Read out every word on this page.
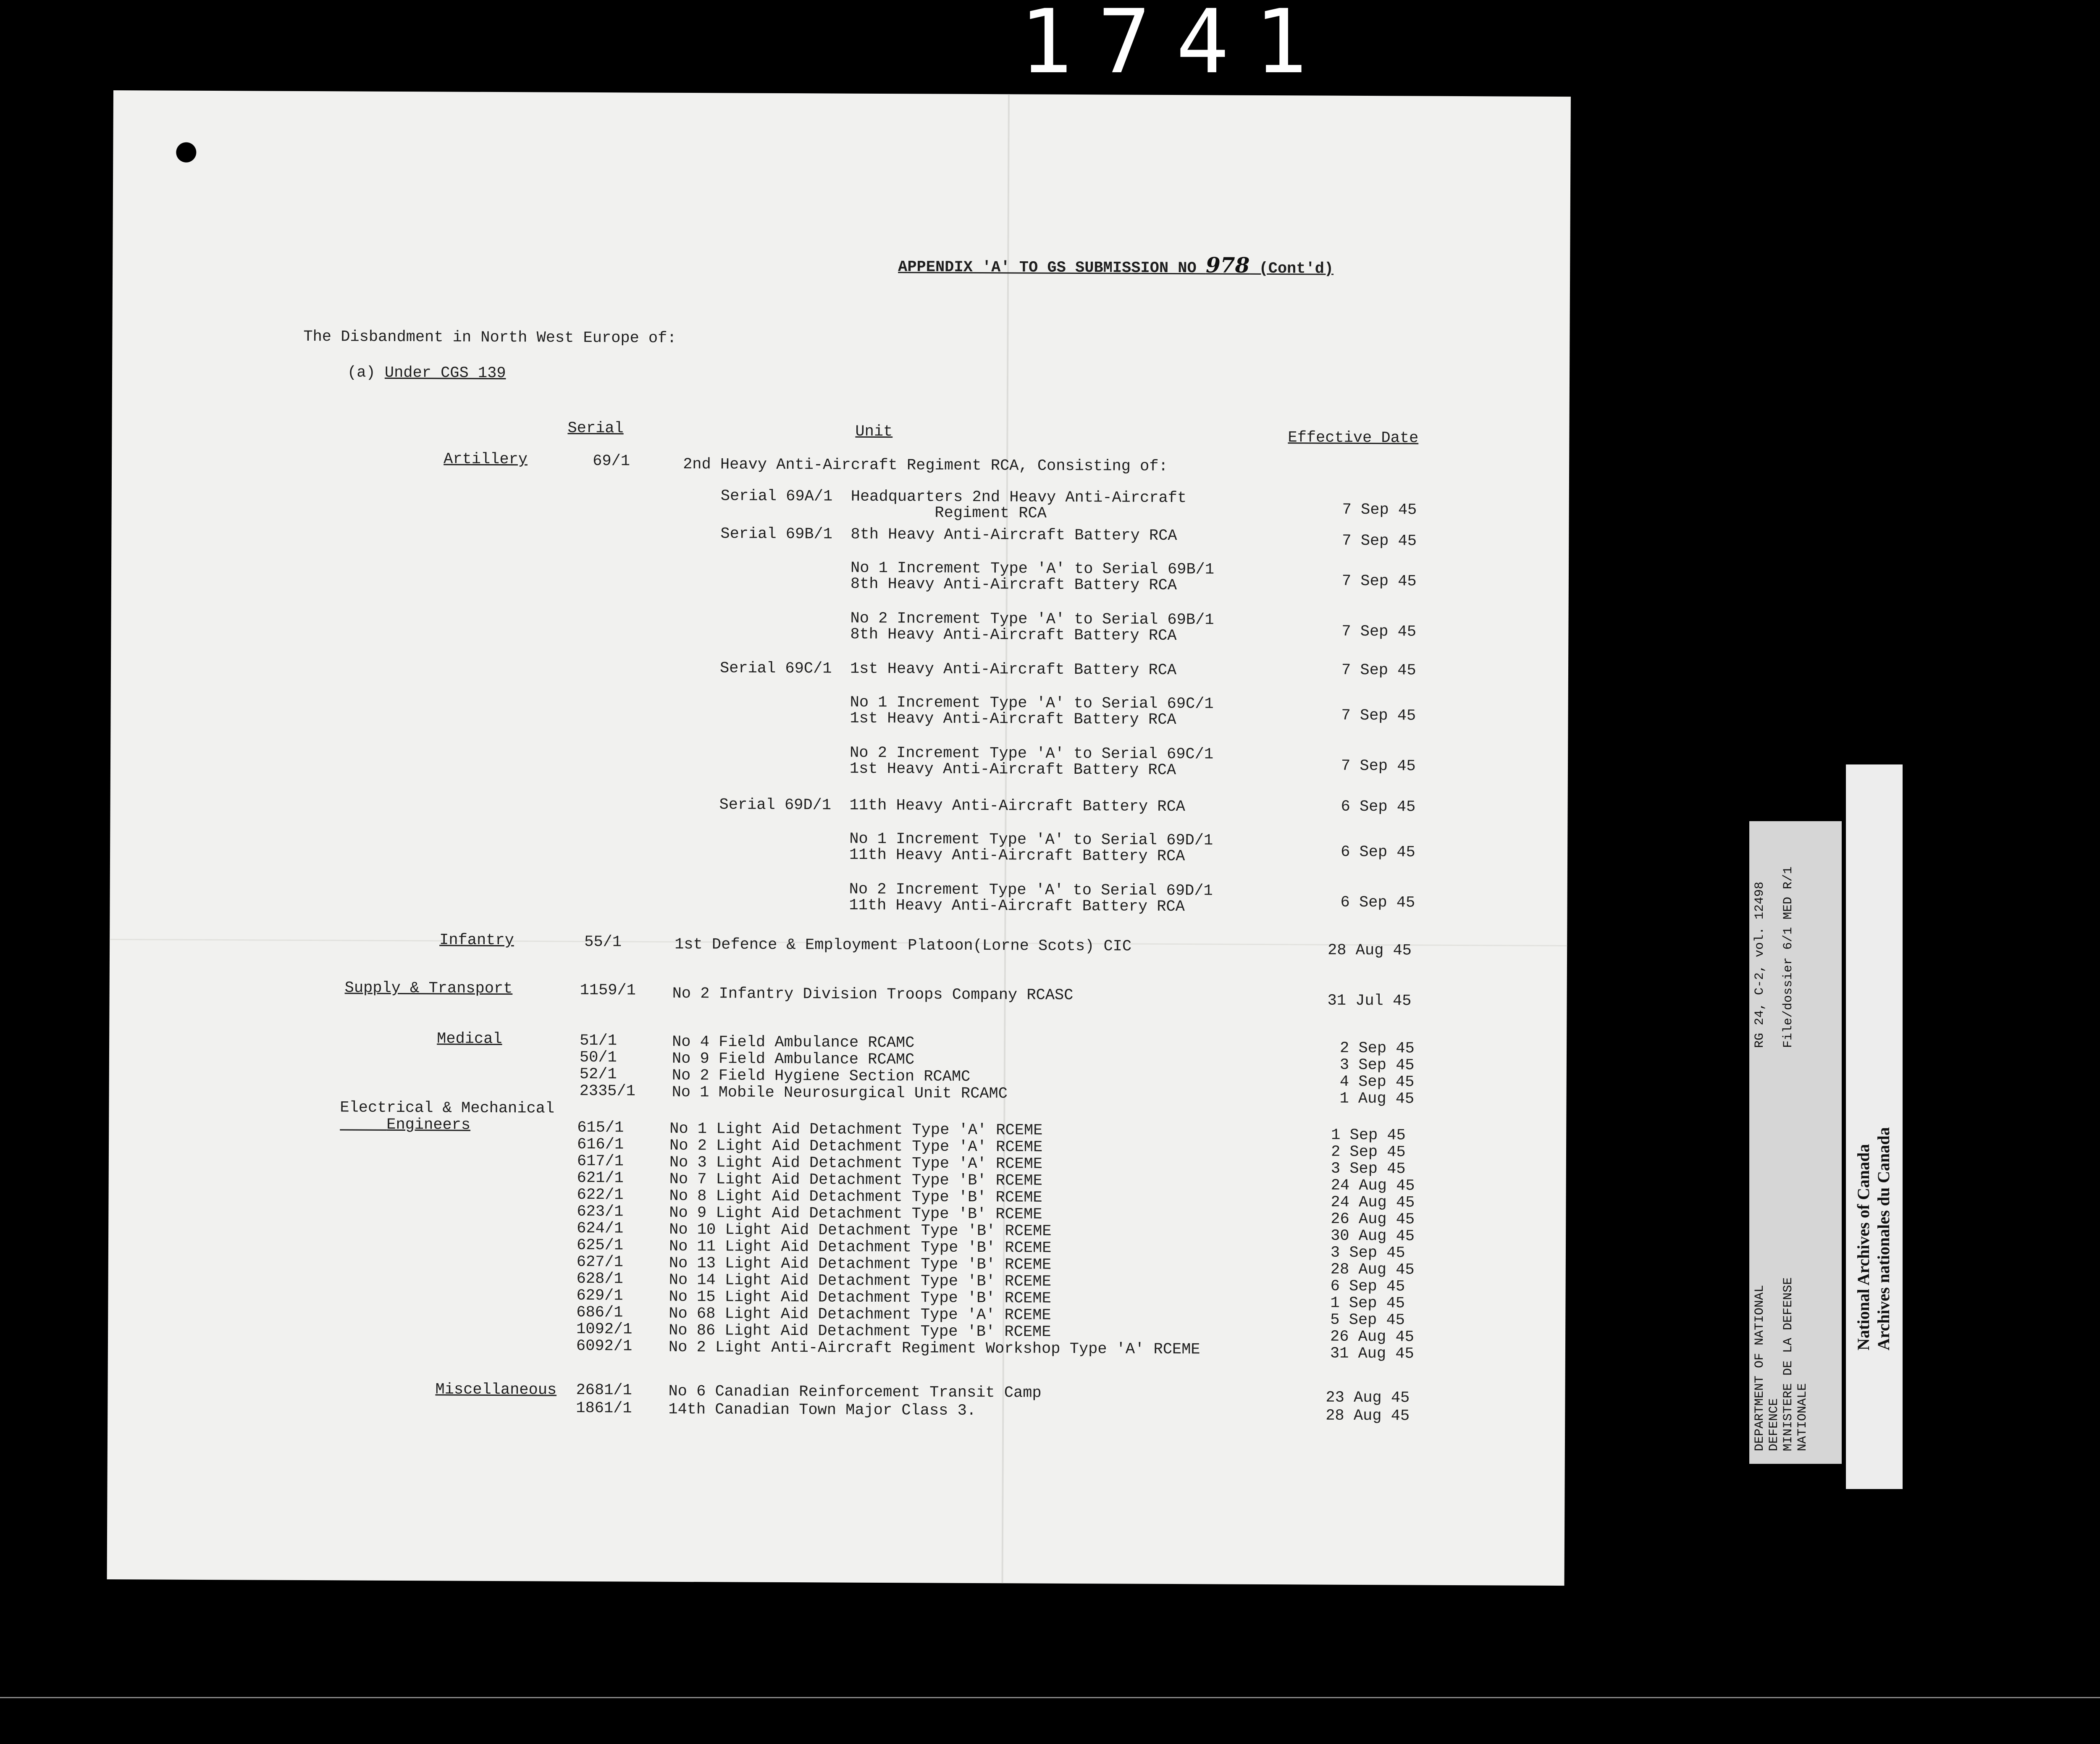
1741
APPENDIX 'A' TO GS SUBMISSION NO 978 (Cont'd)
The Disbandment in North West Europe of:
(a) Under CGS 139
Serial	Unit	Effective Date
Artillery	69/1	2nd Heavy Anti-Aircraft Regiment RCA, Consisting of:
Serial 69A/1 Headquarters 2nd Heavy Anti-Aircraft
Regiment RCA	7 Sep 45
Serial 69B/1 8th Heavy Anti-Aircraft Battery RCA	7 Sep 45
No 1 Increment Type 'A' to Serial 69B/1
8th Heavy Anti-Aircraft Battery RCA	7 Sep 45
No 2 Increment Type 'A' to Serial 69B/1
8th Heavy Anti-Aircraft Battery RCA	7 Sep 45
Serial 69C/1 1st Heavy Anti-Aircraft Battery RCA	7 Sep 45
No 1 Increment Type 'A' to Serial 69C/1
1st Heavy Anti-Aircraft Battery RCA	7 Sep 45
No 2 Increment Type 'A' to Serial 69C/1
1st Heavy Anti-Aircraft Battery RCA	7 Sep 45
Serial 69D/1 11th Heavy Anti-Aircraft Battery RCA	6 Sep 45
No 1 Increment Type 'A' to Serial 69D/1
11th Heavy Anti-Aircraft Battery RCA	6 Sep 45
No 2 Increment Type 'A' to Serial 69D/1
11th Heavy Anti-Aircraft Battery RCA	6 Sep 45
Infantry	55/1	1st Defence & Employment Platoon(Lorne Scots) CIC	28 Aug 45
Supply & Transport	1159/1 No 2 Infantry Division Troops Company RCASC	31 Jul 45
Medical	51/1	No 4 Field Ambulance RCAMC	2 Sep 45
50/1	No 9 Field Ambulance RCAMC	3 Sep 45
52/1	No 2 Field Hygiene Section RCAMC	4 Sep 45
2335/1 No 1 Mobile Neurosurgical Unit RCAMC	1 Aug 45
Electrical & Mechanical
Engineers	615/1	No 1 Light Aid Detachment Type 'A' RCEME	1 Sep 45
616/1	No 2 Light Aid Detachment Type 'A' RCEME	2 Sep 45
617/1	No 3 Light Aid Detachment Type 'A' RCEME	3 Sep 45
621/1	No 7 Light Aid Detachment Type 'B' RCEME	24 Aug 45
622/1	No 8 Light Aid Detachment Type 'B' RCEME	24 Aug 45
623/1	No 9 Light Aid Detachment Type 'B' RCEME	26 Aug 45
624/1	No 10 Light Aid Detachment Type 'B' RCEME	30 Aug 45
625/1	No 11 Light Aid Detachment Type 'B' RCEME	3 Sep 45
627/1	No 13 Light Aid Detachment Type 'B' RCEME	28 Aug 45
628/1	No 14 Light Aid Detachment Type 'B' RCEME	6 Sep 45
629/1	No 15 Light Aid Detachment Type 'B' RCEME	1 Sep 45
686/1	No 68 Light Aid Detachment Type 'A' RCEME	5 Sep 45
1092/1 No 86 Light Aid Detachment Type 'B' RCEME	26 Aug 45
6092/1 No 2 Light Anti-Aircraft Regiment Workshop Type 'A' RCEME	31 Aug 45
Miscellaneous 2681/1 No 6 Canadian Reinforcement Transit Camp	23 Aug 45
1861/1 14th Canadian Town Major Class 3.	28 Aug 45	DEPARTMENT OF NATIONAL
RG 24, C-2, vol. 12498
DEFENCE MINISTERE DE LA DEFENSE
File/dossier 6/1 MED R/1
NATIONALE
National Archives of Canada Archives nationales du Canada
